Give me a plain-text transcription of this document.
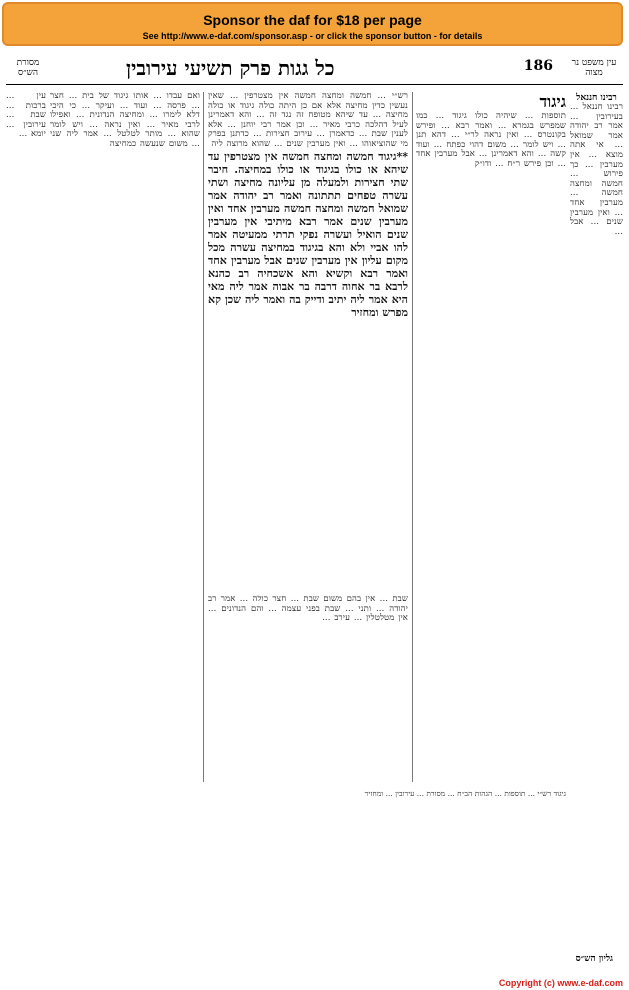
Sponsor the daf for $18 per page
See http://www.e-daf.com/sponsor.asp - or click the sponsor button - for details
מסורת הש״ס	כל גגות פרק תשיעי עירובין	186 עין משפט נר מצוה
עין ... ברכות ... שבת ... עירובין ... יומא ...
ואם עבדו ... אותו גיגוד של בית ... חצר ... פרסה ... ועוד ... ועיקר ... כי היכי דלא לימרו ... ומחיצה הנדונית ... ואפילו לרבי מאיר ... ואין נראה ... ויש לומר שהוא ... מותר לטלטל ... אמר ליה שני ... משום שנעשה כמחיצה
**גיגוד חמשה ומחצה חמשה אין מצטרפין עד שיהא או כולו בגיגוד או כולו במחיצה. חיבר שתי חצירות ולמעלה מן עליונה מחיצה ושתי עשרה טפחים תתתונה ואמר רב יהודה אמר שמואל חמשה ומחצה חמשה מערבין אחד ואין מערבין שנים אמר רבא מיתיבי אין מערבין שנים הואיל ועשרה נפקי תרתי ממעיטה אמר להו אביי ולא והא בגיגוד במחיצה עשרה מכל מקום עליון אין מערבין שנים אבל מערבין אחד ואמר רבא וקשיא והא אשכחיה רב כהנא לרבא בר אחוה דרבה בר אבוה אמר ליה מאי היא אמר ליה יתיב ודייק בה ואמר ליה שכן קא מפרש ומחזיר
רש״י ... חמשה ומחצה חמשה אין מצטרפין ... שאין נעשין כדין מחיצה אלא אם כן היתה כולה גיגוד או כולה מחיצה ... עד שיהא מטופח זה נגד זה ... והא דאמרינן לעיל דהלכה כרבי מאיר ... וכן אמר רבי יוחנן ... אלא לענין שבת ... כדאמרן ... עירוב חצירות ... כדתנן בפרק מי שהוציאוהו ... ואין מערבין שנים ... שהוא מרוצה ליה
גיגוד
תוספות ... שיהיה כולו גיגוד ... כמו שמפרש בגמרא ... ואמר רבא ... ופירש בקונטרס ... ואין נראה לר״י ... דהא תנן ... ויש לומר ... משום דהוי כפתח ... ועוד קשה ... והא דאמרינן ... אבל מערבין אחד ... וכן פירש ר״ח ... ודו״ק
רבינו חננאל
רבינו חננאל ... בעירובין ... אמר רב יהודה אמר שמואל ... אי אתה מוצא ... אין מערבין ... כך פירוש ... חמשה ומחצה חמשה ... מערבין אחד ... ואין מערבין שנים ... אבל ...
שבת ... אין בהם משום שבת ... חצר כולה ... אמר רב יהודה ... ותני ... שבת בפני עצמה ... והם הנדונים ... אין מטלטלין ... עירב ...
גיגוד רש״י ... תוספות ... הגהות הב״ח ... מסורת ... עירובין ... ומחזיר
גליון הש״ס
Copyright (c) www.e-daf.com
